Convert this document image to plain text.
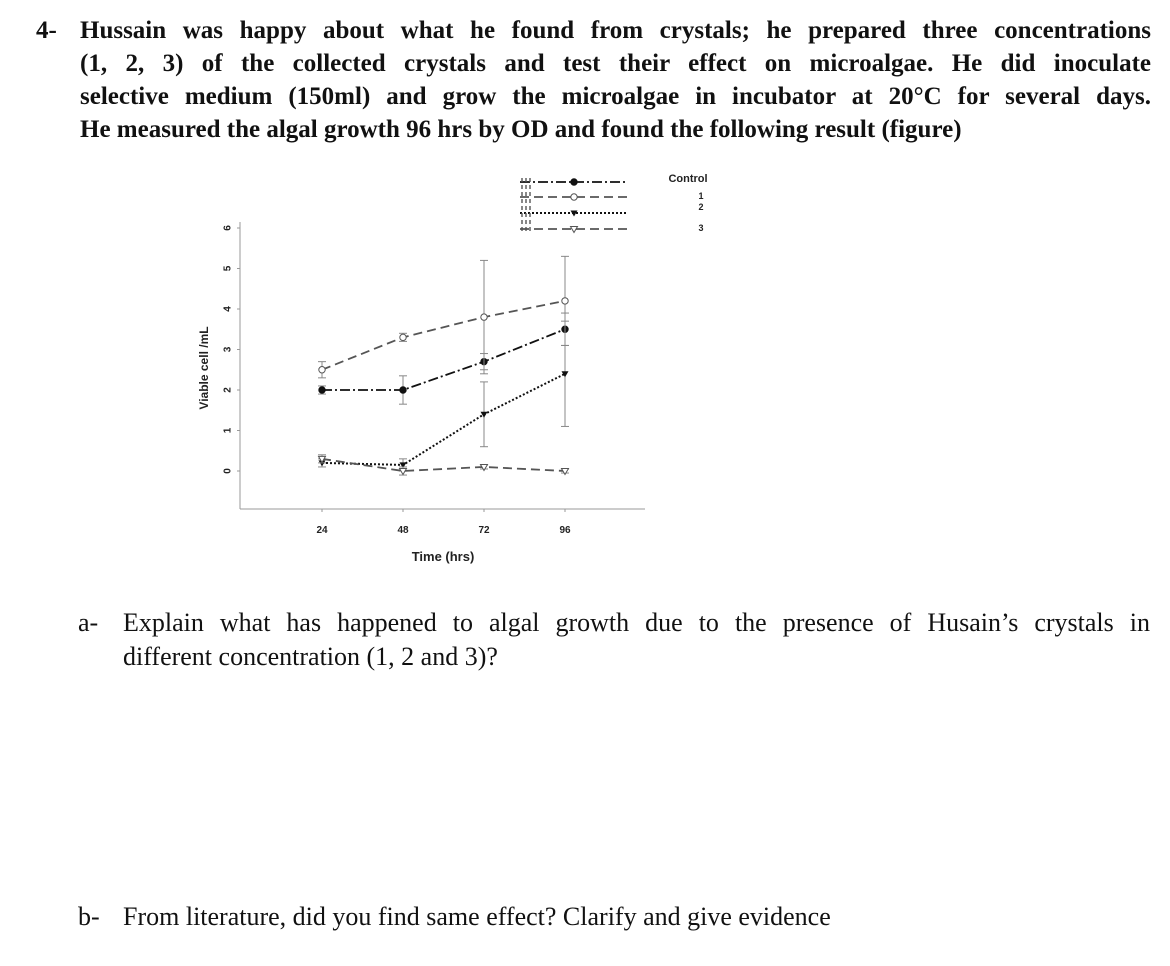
4- Hussain was happy about what he found from crystals; he prepared three concentrations
(1, 2, 3) of the collected crystals and test their effect on microalgae. He did inoculate
selective medium (150ml) and grow the microalgae in incubator at 20°C for several days.
He measured the algal growth 96 hrs by OD and found the following result (figure)
0
1
2
3
4
5
6
24	48	72	96
Time (hrs)
Viable cell /mL
Control
1
2
3
a- Explain what has happened to algal growth due to the presence of Husain’s crystals in
different concentration (1, 2 and 3)?
b- From literature, did you find same effect? Clarify and give evidence
